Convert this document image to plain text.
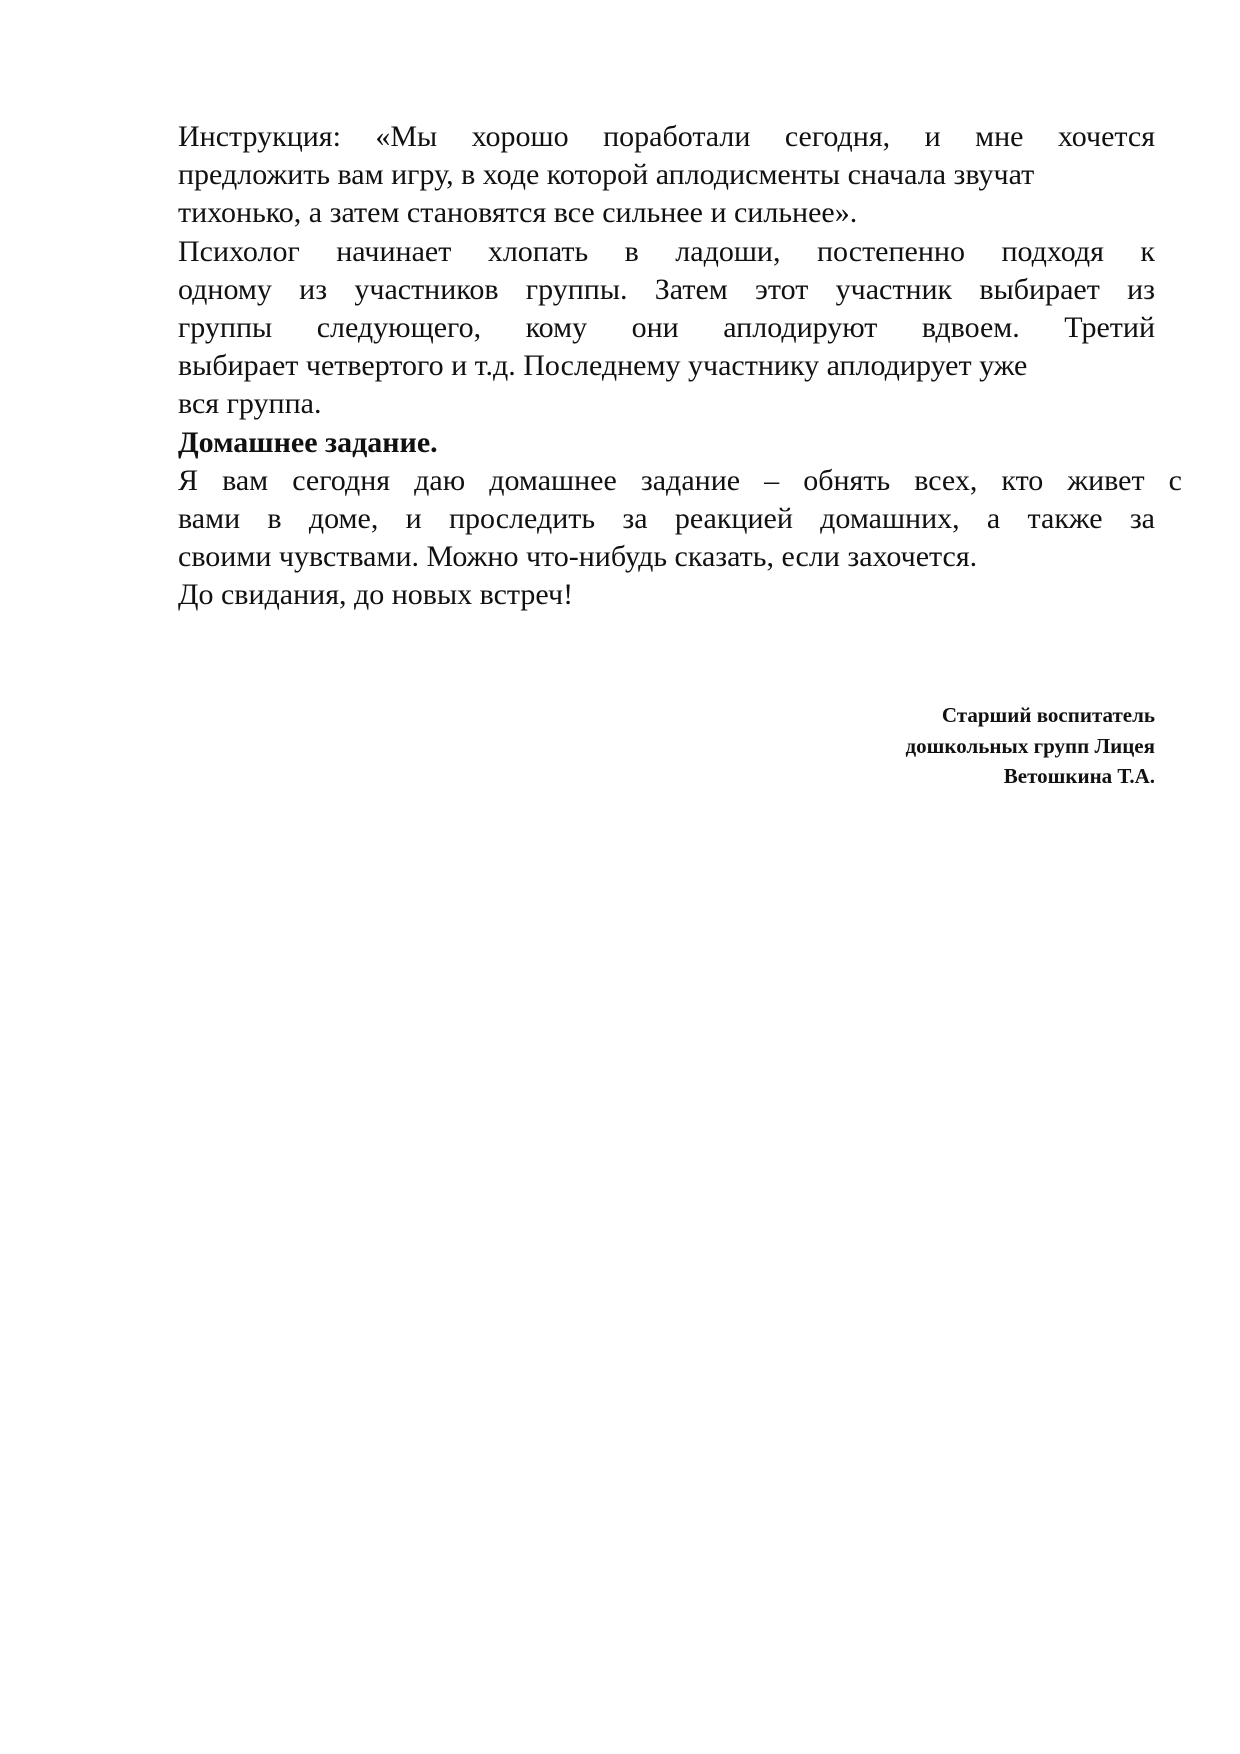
Инструкция: «Мы хорошо поработали сегодня, и мне хочется
предложить вам игру, в ходе которой аплодисменты сначала звучат
тихонько, а затем становятся все сильнее и сильнее».
Психолог начинает хлопать в ладоши, постепенно подходя к
одному из участников группы. Затем этот участник выбирает из
группы следующего, кому они аплодируют вдвоем. Третий
выбирает четвертого и т.д. Последнему участнику аплодирует уже
вся группа.
Домашнее задание.
Я вам сегодня даю домашнее задание – обнять всех, кто живет с
вами в доме, и проследить за реакцией домашних, а также за
своими чувствами. Можно что-нибудь сказать, если захочется.
До свидания, до новых встреч!
Старший воспитатель
дошкольных групп Лицея
Ветошкина Т.А.
